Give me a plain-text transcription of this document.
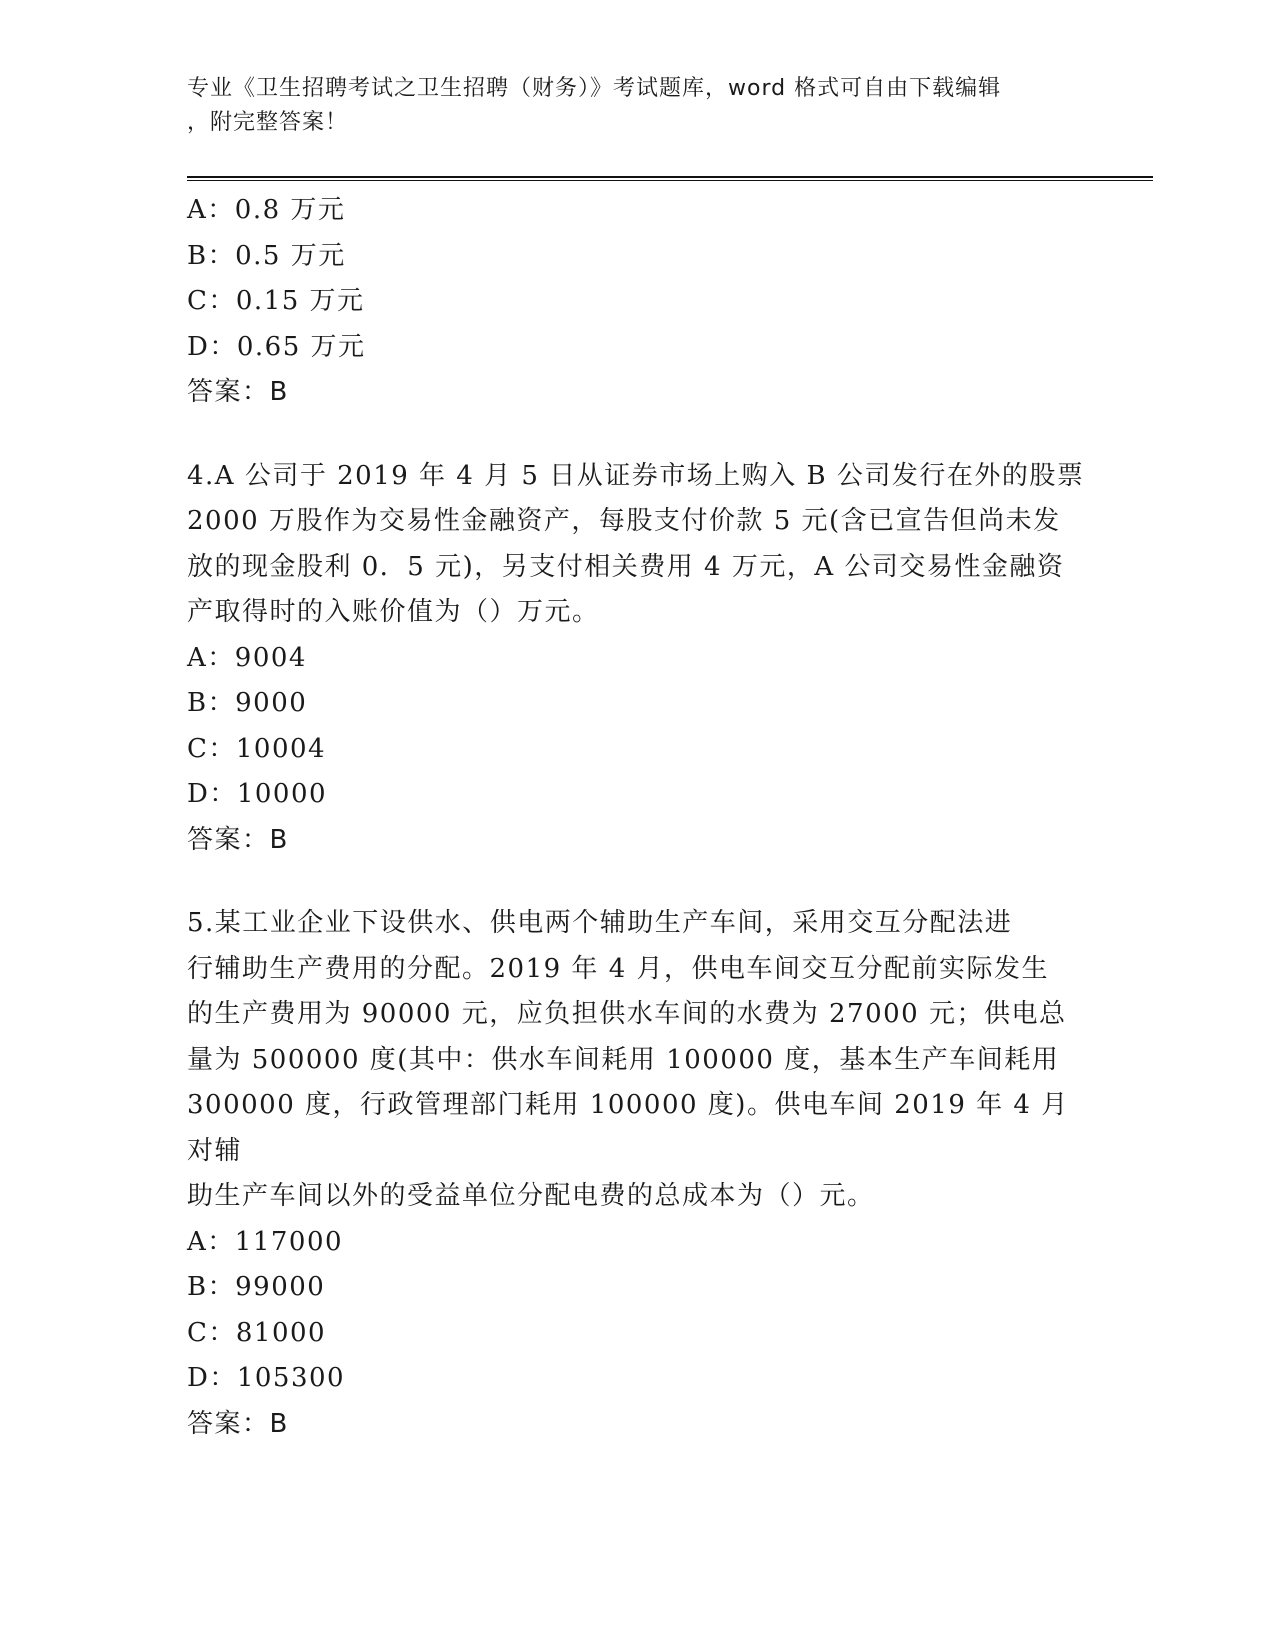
专业《卫生招聘考试之卫生招聘（财务）》考试题库，word 格式可自由下载编辑
，附完整答案！
A：0.8 万元
B：0.5 万元
C：0.15 万元
D：0.65 万元
答案：B
4.A 公司于 2019 年 4 月 5 日从证券市场上购入 B 公司发行在外的股票
2000 万股作为交易性金融资产，每股支付价款 5 元(含已宣告但尚未发
放的现金股利 0．5 元)，另支付相关费用 4 万元，A 公司交易性金融资
产取得时的入账价值为（）万元。
A：9004
B：9000
C：10004
D：10000
答案：B
5.某工业企业下设供水、供电两个辅助生产车间，采用交互分配法进
行辅助生产费用的分配。2019 年 4 月，供电车间交互分配前实际发生
的生产费用为 90000 元，应负担供水车间的水费为 27000 元；供电总
量为 500000 度(其中：供水车间耗用 100000 度，基本生产车间耗用
300000 度，行政管理部门耗用 100000 度)。供电车间 2019 年 4 月对辅
助生产车间以外的受益单位分配电费的总成本为（）元。
A：117000
B：99000
C：81000
D：105300
答案：B
